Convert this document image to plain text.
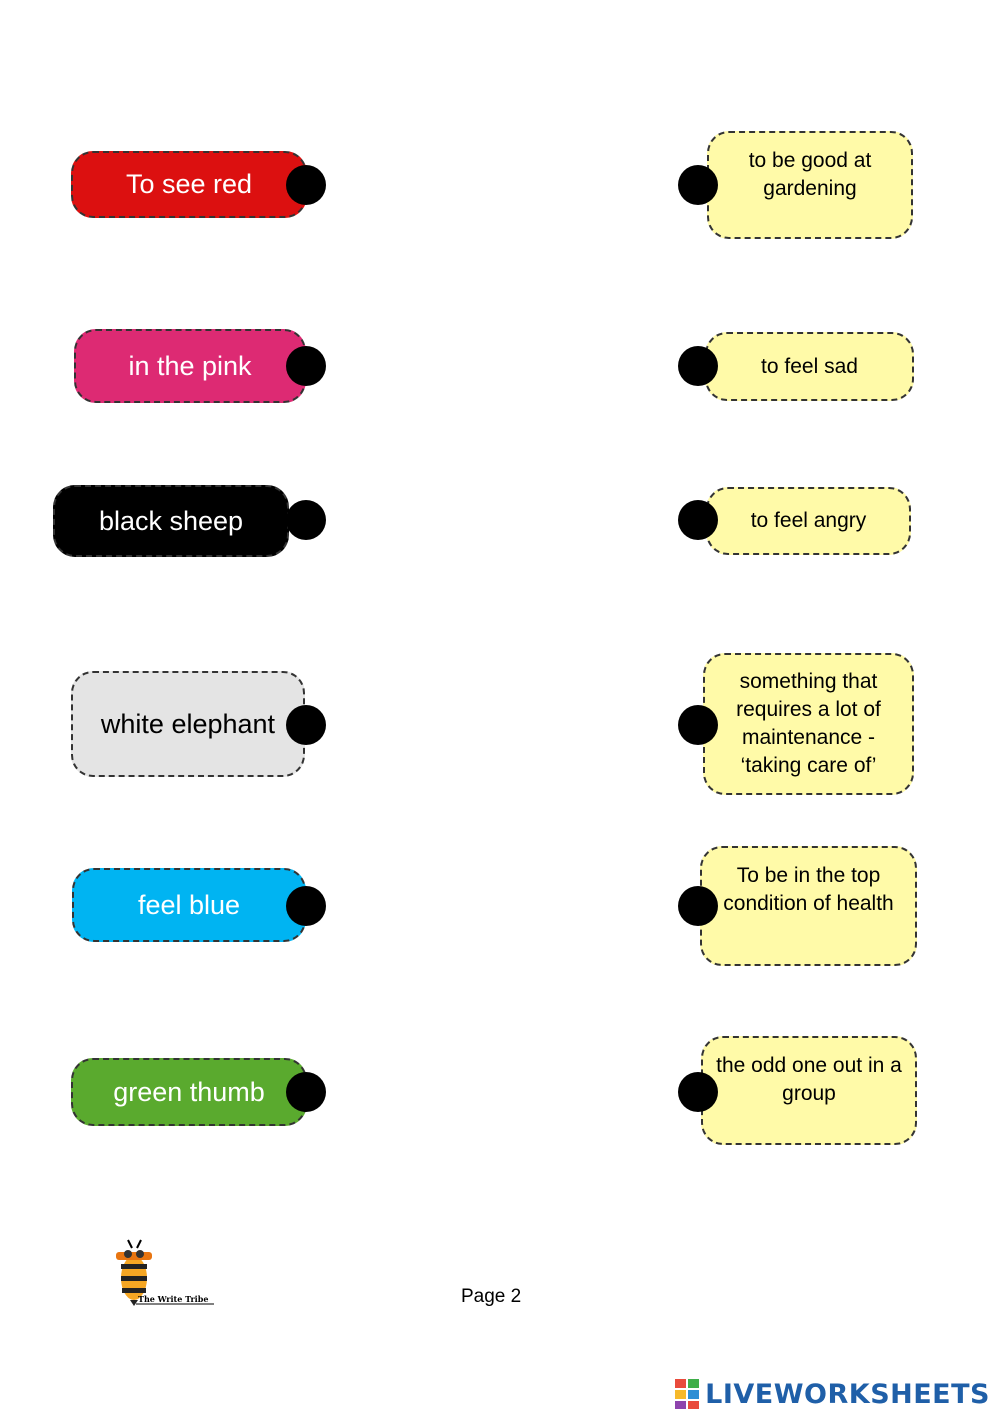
To see red
in the pink
black sheep
white elephant
feel blue
green thumb
to be good at gardening
to feel sad
to feel angry
something that requires a lot of maintenance - ‘taking care of’
To be in the top condition of health
the odd one out in a group
The Write Tribe	Page 2
LIVEWORKSHEETS
